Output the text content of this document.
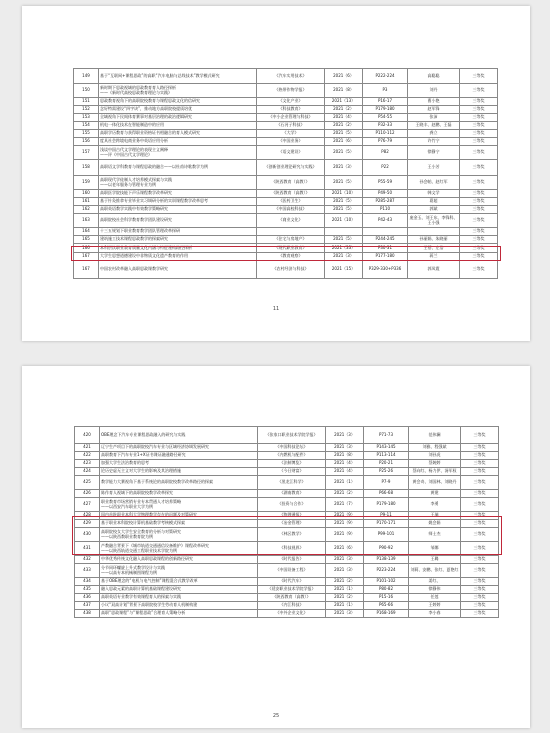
149	基于“互联网+课程思政”的高职“汽车电脑与总线技术”教学模式研究	《汽车实用技术》	2021（6）	P222-224	高聪聪	三等奖
150	新时期下思政视域的思政教育育人路径探析
——《新时代高校思政教育理论与实践》	《热带作物学报》	2021（8）	P3	刘丹	三等奖
151	思政教育视角下的高职院校教育与课程思政文化的信研究	《文化产业》	2021（13）	P16-17	曹小艳	三等奖
152	念好特需建设“四字诀”，推动地方高职院校提质培优	《科技教育》	2021（2）	P179-180	赵军锋	三等奖
153	全域视角下民间体育赛事对基层治理的政治逻辑研究	《中小企业管理与科技》	2021（4）	P54-55	张沛	三等奖
154	机电一体化技术在智能制造中的应用	《石河子科技》	2021（2）	P32-33	王晓丰、赵鹏、王磊	三等奖
155	高职学历教育与获得职业资格证书相融合的育人模式研究	《大学》	2021（5）	P110-112	龚立	三等奖
156	度具社会跨境电商业务中英语应用分析	《中国业务》	2021（6）	P76-79	许竹宁	三等奖
157	浅谈中国古代文学理论的表现主义阐释
——评《中国古代文学理论》	《语文建设》	2021（5）	P82	徐静宁	三等奖
158	高职语文学科教育与课程思政的融合——以杜甫诗歌教学为例	《创新创业理论研究与实践》	2021（3）	P22	王小芳	三等奖
159	高职现代学徒制人才培养模式探索与实践
——以老年服务与管理专业为例	《陕西教育（高教）》	2021（5）	P55-59	孙会帕、赵红军	三等奖
160	高职医学院技能下声乐课程教学改革研究	《陕西教育（高教）》	2021（10）	P49-50	韩文学	三等奖
161	基于针灸推拿专业毕业实习调研分析的实训课程教学改革思考	《医药卫生》	2021（5）	P285-287	葛超	三等奖
162	高职英语教学实践中有效教学策略研究	《中国高校科技》	2021（5）	P110	郭斌	三等奖
163	高职院校社会科学教育教学团队建设研究	《商业文化》	2021（10）	P42-43	庞金玉、刘王东、李锋科、王小强	三等奖
164	十三五规划下职业教育教学团队管理改革探研					三等奖
165	建筑施工技术课程思政教学的探索研究	《住宅与房地产》	2021（5）	P244-245	孙丽娟、朱晓丽	三等奖
166	本科层次职业教育质量文化内涵与特征建构路径探析	《现代职业教育》	2021（33）	P30-31	王蓓、左浩	三等奖
167	大学生思想道德建设中非物质文化遗产教育的作用	《教育观察》	2021（3）	P177-180	蒋兰	三等奖
167	中国农村改革融入高职思政课教学研究	《农村经济与科技》	2021（15）	P329-330+P336	郭凤霞	三等奖
11
420	OBE理念下汽车专业课程思政融入的研究与实践	《张家口职业技术学院学报》	2021（3）	P71-73	范伟澜	三等奖
421	辽宁生产项目下的高职院校汽车专业与区域经济协调发展研究	《中国科技论坛》	2021（3）	P143-145	刘雅、程强斌	三等奖
422	高职教育下汽车专业1+X证书课证融通路径研究	《内燃机与配件》	2021（8）	P113-114	刘孙虎	三等奖
423	加强大学生法治教育的思考	《法制博览》	2021（4）	P20-21	蔡婉婷	三等奖
424	论历史虚无主义对大学生的影响及其治理措施	《今日财富》	2021（4）	P25-26	蔡向红、杨力伊、汤军权	三等奖
425	教学能力大赛视角下基于系统论的高职院校教学改革路径的探索	《黑龙江科学》	2021（1）	P7-9	黄会奇、刘国林、刘晓丹	三等奖
426	陈作育人视域下的高职院校教学改革探究	《湖南教育》	2021（2）	P66-68	黄建	三等奖
427	职业教育市场营销专业专本贯通人才培养策略
——以西安汽车职业大学为例	《投资与合作》	2021（7）	P179-180	李勇	三等奖
428	国内首批职业本科大学物理教学存在的问题及对策研究	《物理通报》	2021（9）	P9-11	王瑞	三等奖
429	基于职业本科院校计算机基础教学考核模式探索	《冶金管理》	2021（9）	P170-171	姚会娟	三等奖
430	高职院校女大学生安全教育的分析与对策研究
——以陕西教职业教育院为例	《林区教学》	2021（9）	P99-101	师士杰	三等奖
431	产教融合背景下《城市轨道交通通信设备维护》课程改革研究
——以陕西轨道交通工程职业技术学院为例	《科技视界》	2021（6）	P90-92	邹娜	三等奖
432	中华优秀传统文化融入高职思政课程的创新路径研究	《时代报告》	2021（3）	P138-139	王璐	三等奖
433	分节同环螺旋上升式教学设计与实践
——以高专本机械制图课程为例	《中国设备工程》	2021（3）	P223-224	刘莉、安鹏、张红、夏艳红	三等奖
434	基于OBE理念的“电机与电气控制”课程混合式教学改革	《时代汽车》	2021（2）	P101-102	姜红、	三等奖
435	融入思政元素的高职计算机基础课程建设研究	《延安职业技术学院学报》	2021（1）	P80-82	徐静伟	三等奖
436	高职英语专业教学有效课程育人的探索与实践	《陕西教育（高教）》	2021（2）	P15-16	任莲	三等奖
437	小议“双高计划”背景下高职院校学生劳动育人机制构建	《内江科技》	2021（1）	P65-66	王婷婷	三等奖
438	高职“思政课程”与“课程思政”合理育人策略分析	《中外企业文化》	2021（3）	P168-169	李小春	三等奖
25
